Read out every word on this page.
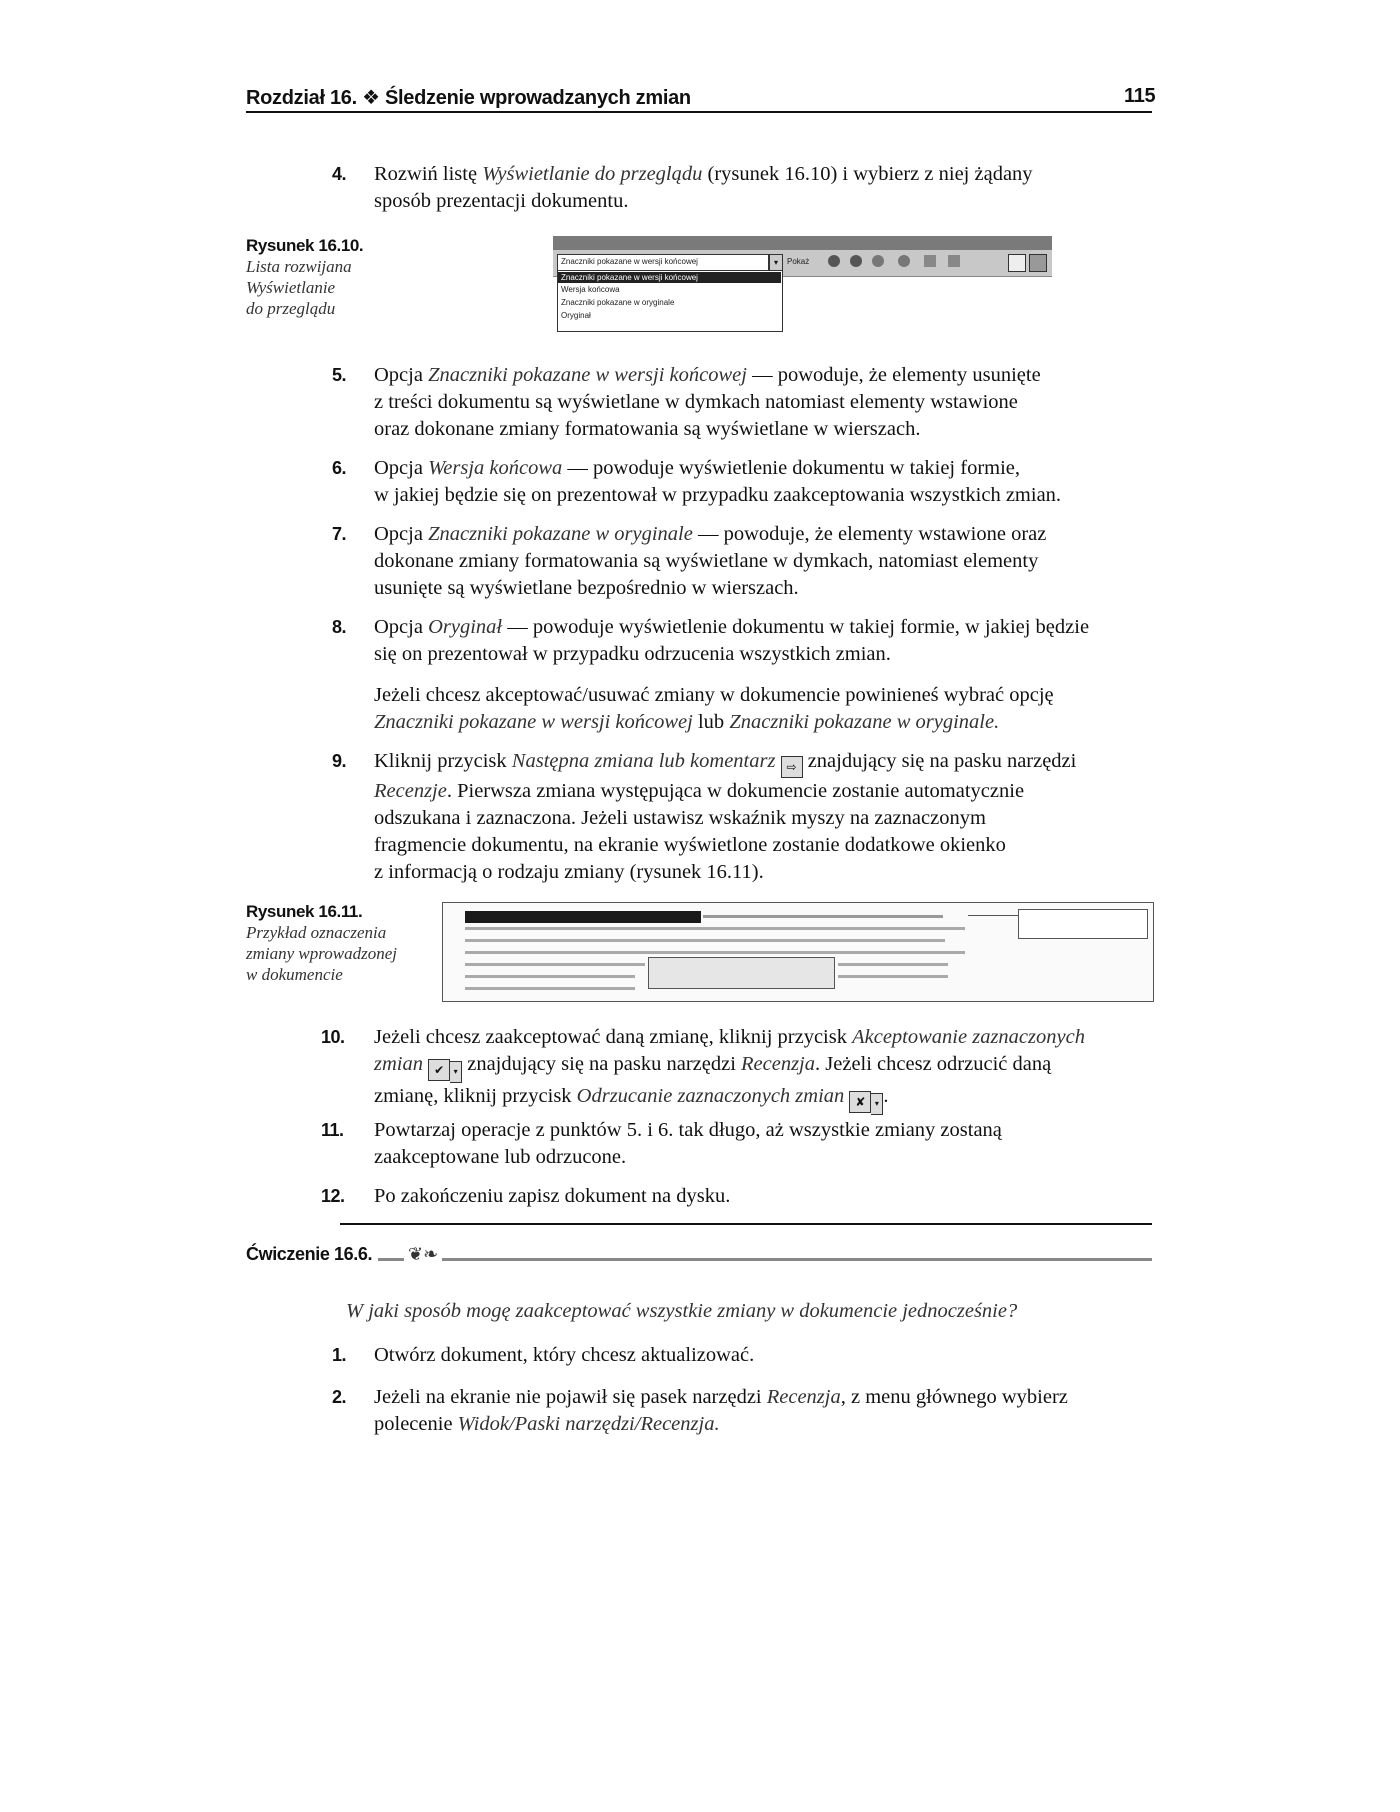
Rozdział 16. ❖ Śledzenie wprowadzanych zmian	115
4.	Rozwiń listę Wyświetlanie do przeglądu (rysunek 16.10) i wybierz z niej żądany
sposób prezentacji dokumentu.
Rysunek 16.10.
Lista rozwijana
Wyświetlanie
do przeglądu
Znaczniki pokazane w wersji końcowej	▾	Pokaż
Znaczniki pokazane w wersji końcowej
Wersja końcowa
Znaczniki pokazane w oryginale
Oryginał
5.	Opcja Znaczniki pokazane w wersji końcowej — powoduje, że elementy usunięte
z treści dokumentu są wyświetlane w dymkach natomiast elementy wstawione
oraz dokonane zmiany formatowania są wyświetlane w wierszach.
6.	Opcja Wersja końcowa — powoduje wyświetlenie dokumentu w takiej formie,
w jakiej będzie się on prezentował w przypadku zaakceptowania wszystkich zmian.
7.	Opcja Znaczniki pokazane w oryginale — powoduje, że elementy wstawione oraz
dokonane zmiany formatowania są wyświetlane w dymkach, natomiast elementy
usunięte są wyświetlane bezpośrednio w wierszach.
8.	Opcja Oryginał — powoduje wyświetlenie dokumentu w takiej formie, w jakiej będzie
się on prezentował w przypadku odrzucenia wszystkich zmian.
Jeżeli chcesz akceptować/usuwać zmiany w dokumencie powinieneś wybrać opcję
Znaczniki pokazane w wersji końcowej lub Znaczniki pokazane w oryginale.
9.	Kliknij przycisk Następna zmiana lub komentarz ⇨ znajdujący się na pasku narzędzi
Recenzje. Pierwsza zmiana występująca w dokumencie zostanie automatycznie
odszukana i zaznaczona. Jeżeli ustawisz wskaźnik myszy na zaznaczonym
fragmencie dokumentu, na ekranie wyświetlone zostanie dodatkowe okienko
z informacją o rodzaju zmiany (rysunek 16.11).
Rysunek 16.11.
Przykład oznaczenia
zmiany wprowadzonej
w dokumencie
10.	Jeżeli chcesz zaakceptować daną zmianę, kliknij przycisk Akceptowanie zaznaczonych
zmian ✔ ▾ znajdujący się na pasku narzędzi Recenzja. Jeżeli chcesz odrzucić daną
zmianę, kliknij przycisk Odrzucanie zaznaczonych zmian ✘ ▾ .
11.	Powtarzaj operacje z punktów 5. i 6. tak długo, aż wszystkie zmiany zostaną
zaakceptowane lub odrzucone.
12.	Po zakończeniu zapisz dokument na dysku.
Ćwiczenie 16.6. ❦❧
W jaki sposób mogę zaakceptować wszystkie zmiany w dokumencie jednocześnie?
1.	Otwórz dokument, który chcesz aktualizować.
2.	Jeżeli na ekranie nie pojawił się pasek narzędzi Recenzja, z menu głównego wybierz
polecenie Widok/Paski narzędzi/Recenzja.
